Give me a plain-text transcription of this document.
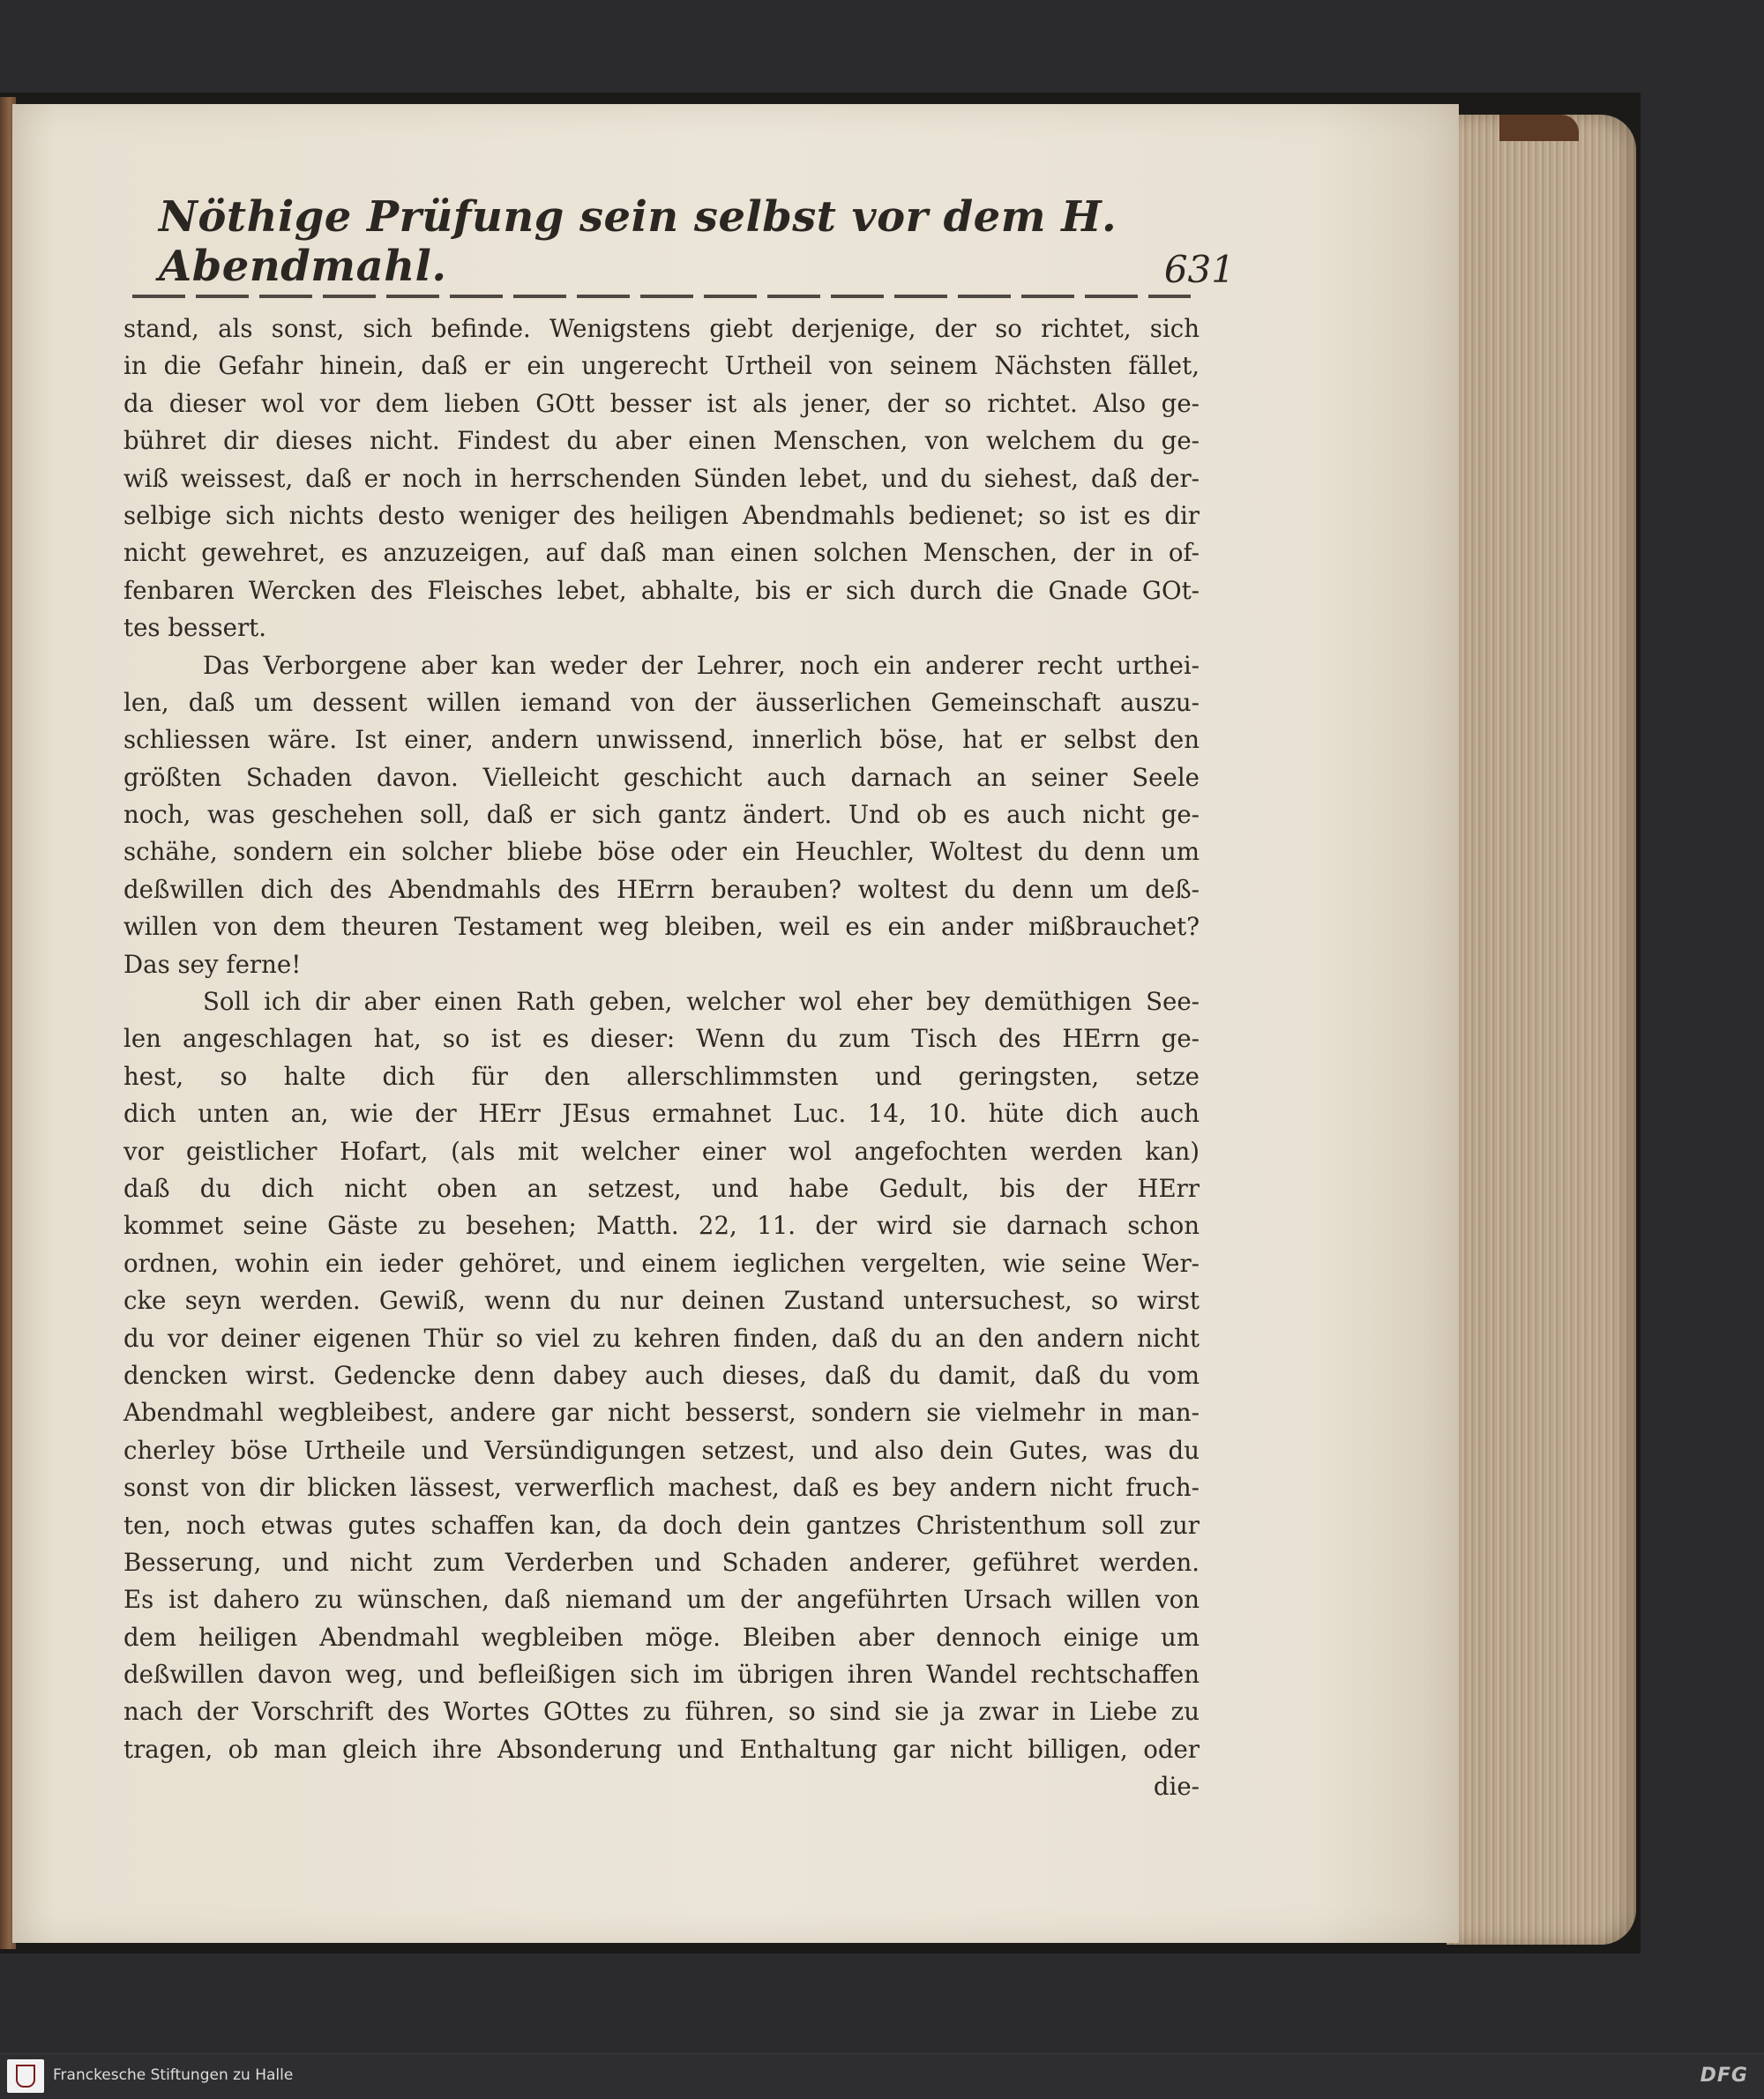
Nöthige Prüfung sein selbst vor dem H. Abendmahl.	631
stand, als sonst, sich befinde. Wenigstens giebt derjenige, der so richtet, sich
in die Gefahr hinein, daß er ein ungerecht Urtheil von seinem Nächsten fället,
da dieser wol vor dem lieben GOtt besser ist als jener, der so richtet. Also ge-
bühret dir dieses nicht. Findest du aber einen Menschen, von welchem du ge-
wiß weissest, daß er noch in herrschenden Sünden lebet, und du siehest, daß der-
selbige sich nichts desto weniger des heiligen Abendmahls bedienet; so ist es dir
nicht gewehret, es anzuzeigen, auf daß man einen solchen Menschen, der in of-
fenbaren Wercken des Fleisches lebet, abhalte, bis er sich durch die Gnade GOt-
tes bessert.
Das Verborgene aber kan weder der Lehrer, noch ein anderer recht urthei-
len, daß um dessent willen iemand von der äusserlichen Gemeinschaft auszu-
schliessen wäre. Ist einer, andern unwissend, innerlich böse, hat er selbst den
größten Schaden davon. Vielleicht geschicht auch darnach an seiner Seele
noch, was geschehen soll, daß er sich gantz ändert. Und ob es auch nicht ge-
schähe, sondern ein solcher bliebe böse oder ein Heuchler, Woltest du denn um
deßwillen dich des Abendmahls des HErrn berauben? woltest du denn um deß-
willen von dem theuren Testament weg bleiben, weil es ein ander mißbrauchet?
Das sey ferne!
Soll ich dir aber einen Rath geben, welcher wol eher bey demüthigen See-
len angeschlagen hat, so ist es dieser: Wenn du zum Tisch des HErrn ge-
hest, so halte dich für den allerschlimmsten und geringsten, setze
dich unten an, wie der HErr JEsus ermahnet Luc. 14, 10. hüte dich auch
vor geistlicher Hofart, (als mit welcher einer wol angefochten werden kan)
daß du dich nicht oben an setzest, und habe Gedult, bis der HErr
kommet seine Gäste zu besehen; Matth. 22, 11. der wird sie darnach schon
ordnen, wohin ein ieder gehöret, und einem ieglichen vergelten, wie seine Wer-
cke seyn werden. Gewiß, wenn du nur deinen Zustand untersuchest, so wirst
du vor deiner eigenen Thür so viel zu kehren finden, daß du an den andern nicht
dencken wirst. Gedencke denn dabey auch dieses, daß du damit, daß du vom
Abendmahl wegbleibest, andere gar nicht besserst, sondern sie vielmehr in man-
cherley böse Urtheile und Versündigungen setzest, und also dein Gutes, was du
sonst von dir blicken lässest, verwerflich machest, daß es bey andern nicht fruch-
ten, noch etwas gutes schaffen kan, da doch dein gantzes Christenthum soll zur
Besserung, und nicht zum Verderben und Schaden anderer, geführet werden.
Es ist dahero zu wünschen, daß niemand um der angeführten Ursach willen von
dem heiligen Abendmahl wegbleiben möge. Bleiben aber dennoch einige um
deßwillen davon weg, und befleißigen sich im übrigen ihren Wandel rechtschaffen
nach der Vorschrift des Wortes GOttes zu führen, so sind sie ja zwar in Liebe zu
tragen, ob man gleich ihre Absonderung und Enthaltung gar nicht billigen, oder
die-
Franckesche Stiftungen zu Halle	DFG
